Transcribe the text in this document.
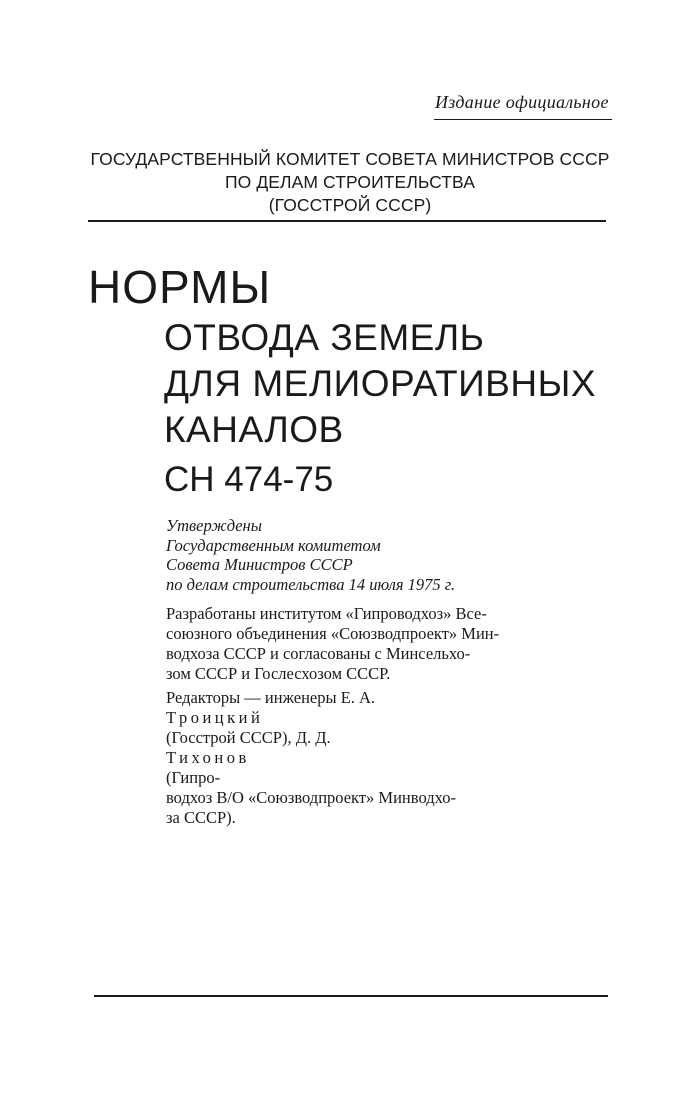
Издание официальное
ГОСУДАРСТВЕННЫЙ КОМИТЕТ СОВЕТА МИНИСТРОВ СССР
ПО ДЕЛАМ СТРОИТЕЛЬСТВА
(ГОССТРОЙ СССР)
НОРМЫ
ОТВОДА ЗЕМЕЛЬ
ДЛЯ МЕЛИОРАТИВНЫХ
КАНАЛОВ
СН 474-75
Утверждены
Государственным комитетом
Совета Министров СССР
по делам строительства 14 июля 1975 г.
Разработаны институтом «Гипроводхоз» Все-
союзного объединения «Союзводпроект» Мин-
водхоза СССР и согласованы с Минсельхо-
зом СССР и Гослесхозом СССР.
Редакторы — инженеры Е. А.
Троицкий
(Госстрой СССР), Д. Д.
Тихонов
(Гипро-
водхоз В/О «Союзводпроект» Минводхо-
за СССР).
